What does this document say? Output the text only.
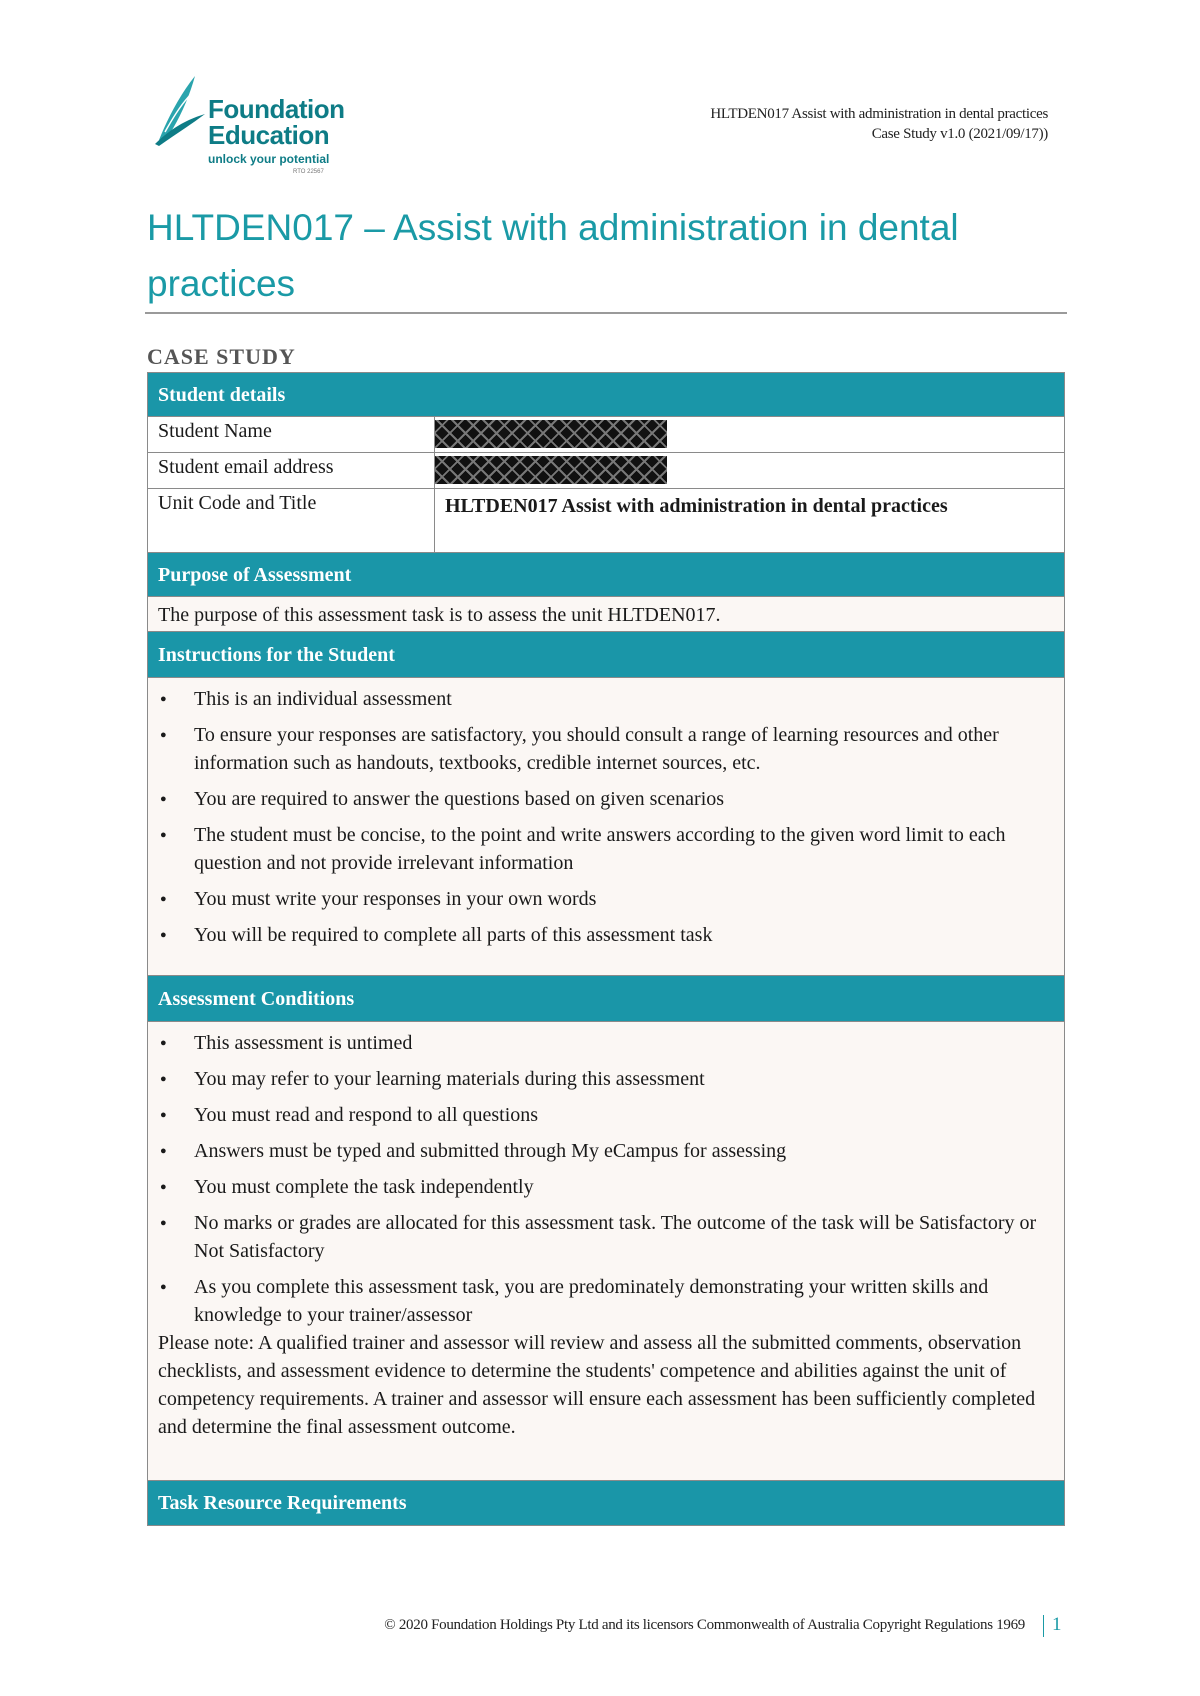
Foundation
Education
unlock your potential
RTO 22567
HLTDEN017 Assist with administration in dental practices
Case Study v1.0 (2021/09/17))
HLTDEN017 – Assist with administration in dental practices
CASE STUDY
Student details
Student Name
Student email address
Unit Code and Title	HLTDEN017 Assist with administration in dental practices
Purpose of Assessment
The purpose of this assessment task is to assess the unit HLTDEN017.
Instructions for the Student
● This is an individual assessment
● To ensure your responses are satisfactory, you should consult a range of learning resources and other information such as handouts, textbooks, credible internet sources, etc.
● You are required to answer the questions based on given scenarios
● The student must be concise, to the point and write answers according to the given word limit to each question and not provide irrelevant information
● You must write your responses in your own words
● You will be required to complete all parts of this assessment task
Assessment Conditions
● This assessment is untimed
● You may refer to your learning materials during this assessment
● You must read and respond to all questions
● Answers must be typed and submitted through My eCampus for assessing
● You must complete the task independently
● No marks or grades are allocated for this assessment task. The outcome of the task will be Satisfactory or Not Satisfactory
● As you complete this assessment task, you are predominately demonstrating your written skills and knowledge to your trainer/assessor
Please note: A qualified trainer and assessor will review and assess all the submitted comments, observation checklists, and assessment evidence to determine the students' competence and abilities against the unit of competency requirements. A trainer and assessor will ensure each assessment has been sufficiently completed and determine the final assessment outcome.
Task Resource Requirements
© 2020 Foundation Holdings Pty Ltd and its licensors Commonwealth of Australia Copyright Regulations 1969 1
